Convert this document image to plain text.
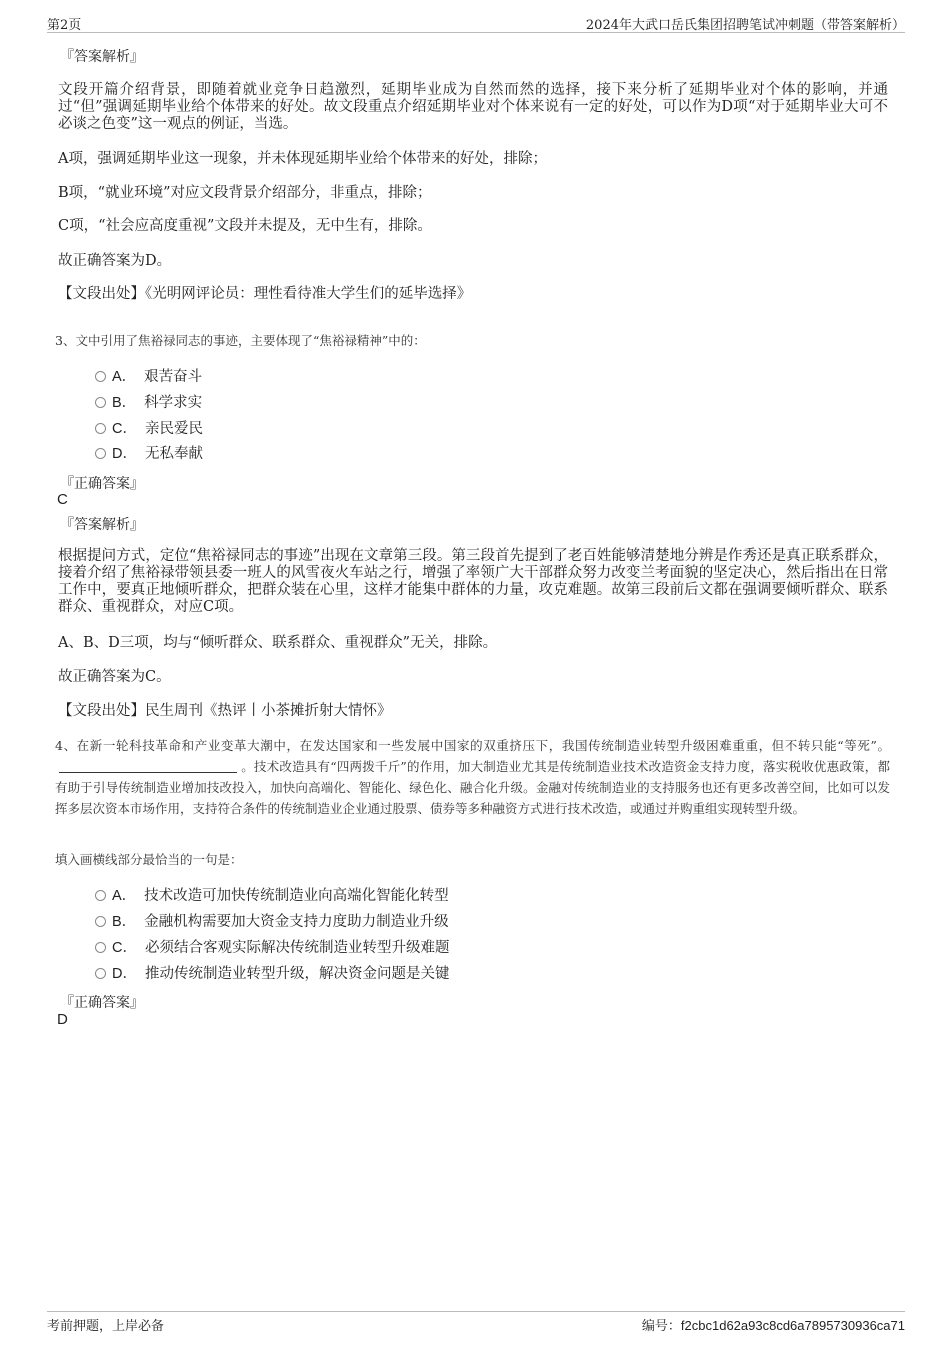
第2页	2024年大武口岳氏集团招聘笔试冲刺题（带答案解析）
『答案解析』
文段开篇介绍背景，即随着就业竞争日趋激烈，延期毕业成为自然而然的选择，接下来分析了延期毕业对个体的影响，并通过“但”强调延期毕业给个体带来的好处。故文段重点介绍延期毕业对个体来说有一定的好处，可以作为D项“对于延期毕业大可不必谈之色变”这一观点的例证，当选。
A项，强调延期毕业这一现象，并未体现延期毕业给个体带来的好处，排除；
B项，“就业环境”对应文段背景介绍部分，非重点，排除；
C项，“社会应高度重视”文段并未提及，无中生有，排除。
故正确答案为D。
【文段出处】《光明网评论员：理性看待准大学生们的延毕选择》
3、文中引用了焦裕禄同志的事迹，主要体现了“焦裕禄精神”中的：
A． 艰苦奋斗
B． 科学求实
C． 亲民爱民
D． 无私奉献
『正确答案』
C
『答案解析』
根据提问方式，定位“焦裕禄同志的事迹”出现在文章第三段。第三段首先提到了老百姓能够清楚地分辨是作秀还是真正联系群众，接着介绍了焦裕禄带领县委一班人的风雪夜火车站之行，增强了率领广大干部群众努力改变兰考面貌的坚定决心，然后指出在日常工作中，要真正地倾听群众，把群众装在心里，这样才能集中群体的力量，攻克难题。故第三段前后文都在强调要倾听群众、联系群众、重视群众，对应C项。
A、B、D三项，均与“倾听群众、联系群众、重视群众”无关，排除。
故正确答案为C。
【文段出处】民生周刊《热评丨小茶摊折射大情怀》
4、在新一轮科技革命和产业变革大潮中，在发达国家和一些发展中国家的双重挤压下，我国传统制造业转型升级困难重重，但不转只能“等死”。。技术改造具有“四两拨千斤”的作用，加大制造业尤其是传统制造业技术改造资金支持力度，落实税收优惠政策，都有助于引导传统制造业增加技改投入，加快向高端化、智能化、绿色化、融合化升级。金融对传统制造业的支持服务也还有更多改善空间，比如可以发挥多层次资本市场作用，支持符合条件的传统制造业企业通过股票、债券等多种融资方式进行技术改造，或通过并购重组实现转型升级。
填入画横线部分最恰当的一句是：
A． 技术改造可加快传统制造业向高端化智能化转型
B． 金融机构需要加大资金支持力度助力制造业升级
C． 必须结合客观实际解决传统制造业转型升级难题
D． 推动传统制造业转型升级，解决资金问题是关键
『正确答案』
D
考前押题，上岸必备	编号：f2cbc1d62a93c8cd6a7895730936ca71
